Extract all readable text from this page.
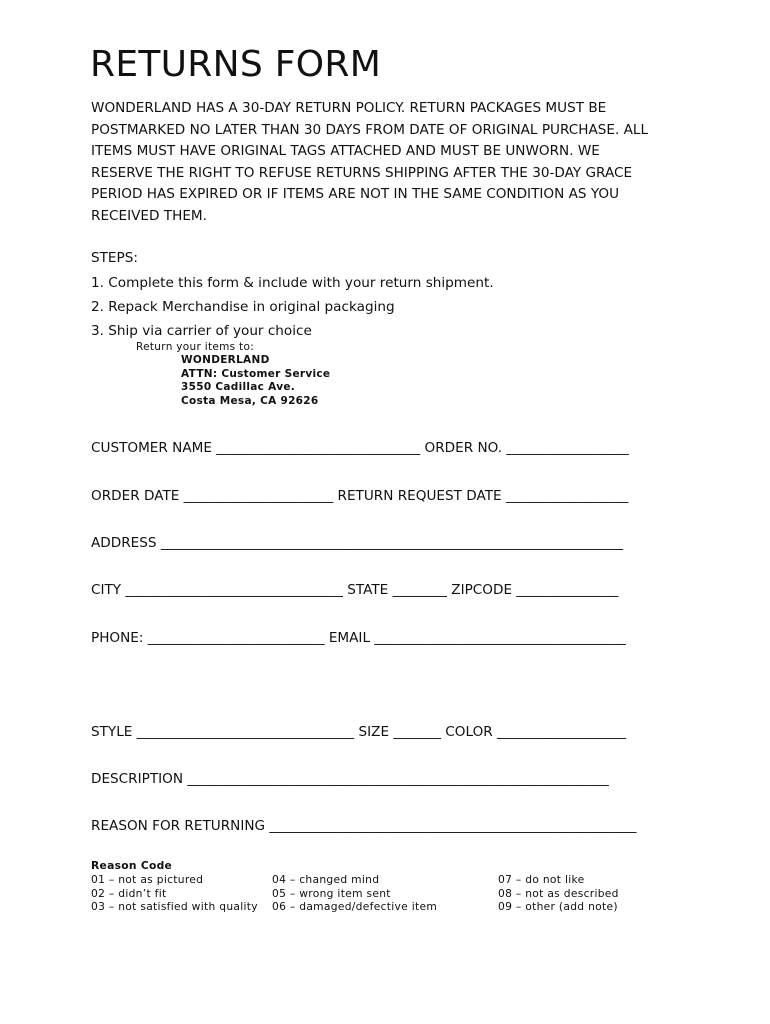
RETURNS FORM
WONDERLAND HAS A 30-DAY RETURN POLICY. RETURN PACKAGES MUST BE
POSTMARKED NO LATER THAN 30 DAYS FROM DATE OF ORIGINAL PURCHASE. ALL
ITEMS MUST HAVE ORIGINAL TAGS ATTACHED AND MUST BE UNWORN. WE
RESERVE THE RIGHT TO REFUSE RETURNS SHIPPING AFTER THE 30-DAY GRACE
PERIOD HAS EXPIRED OR IF ITEMS ARE NOT IN THE SAME CONDITION AS YOU
RECEIVED THEM.
STEPS:
1. Complete this form & include with your return shipment.
2. Repack Merchandise in original packaging
3. Ship via carrier of your choice
Return your items to:
WONDERLAND
ATTN: Customer Service
3550 Cadillac Ave.
Costa Mesa, CA 92626
CUSTOMER NAME ______________________________ ORDER NO. __________________
ORDER DATE ______________________ RETURN REQUEST DATE __________________
ADDRESS ____________________________________________________________________
CITY ________________________________ STATE ________ ZIPCODE _______________
PHONE: __________________________ EMAIL _____________________________________
STYLE ________________________________ SIZE _______ COLOR ___________________
DESCRIPTION ______________________________________________________________
REASON FOR RETURNING ______________________________________________________
Reason Code
01 – not as pictured
02 – didn’t fit
03 – not satisfied with quality
04 – changed mind
05 – wrong item sent
06 – damaged/defective item
07 – do not like
08 – not as described
09 – other (add note)
